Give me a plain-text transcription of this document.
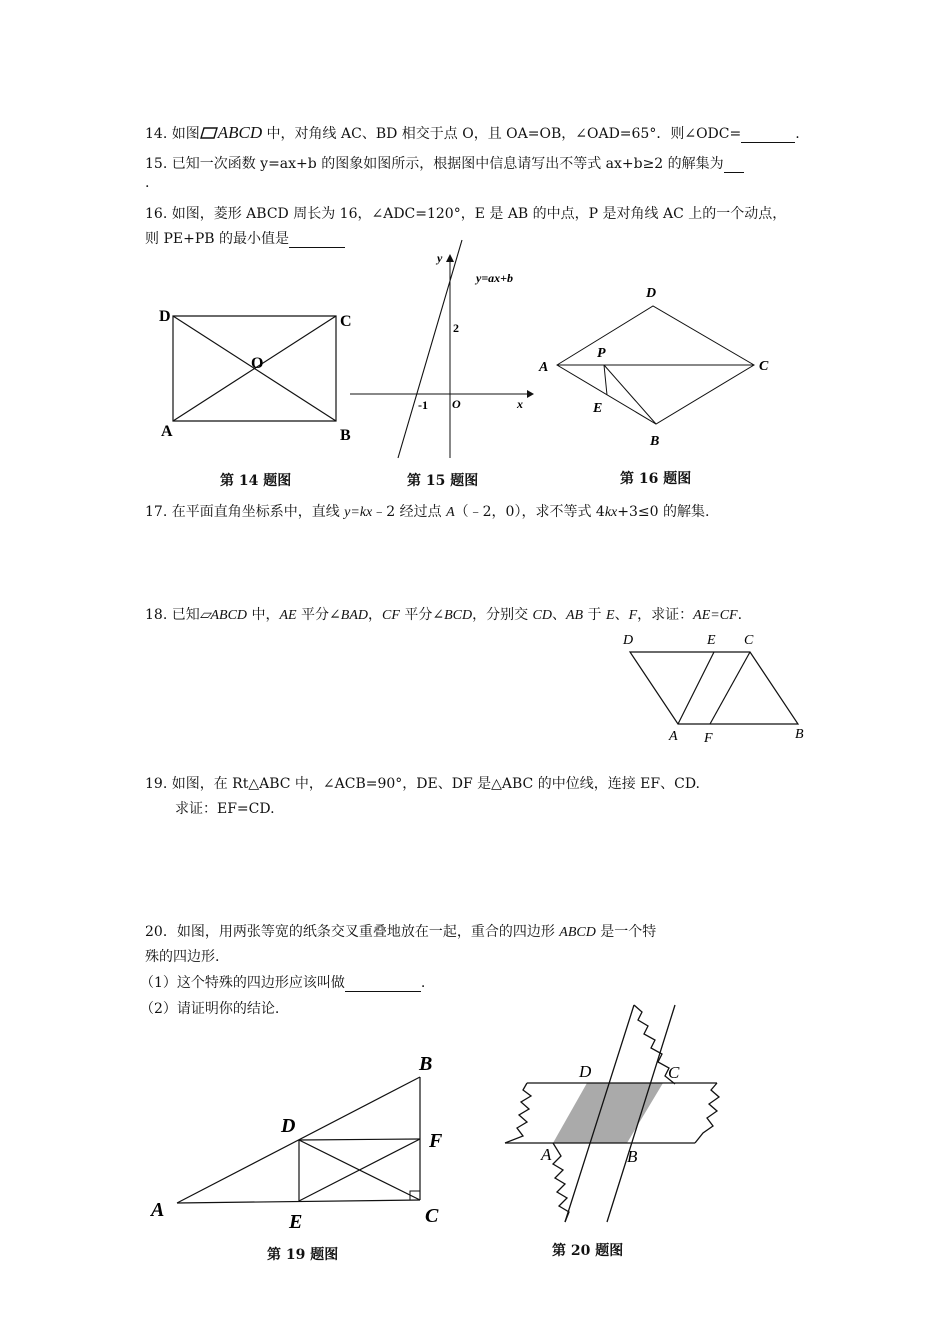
14. 如图 ABCD 中，对角线 AC、BD 相交于点 O，且 OA=OB，∠OAD=65°．则∠ODC=	.
15. 已知一次函数 y=ax+b 的图象如图所示，根据图中信息请写出不等式 ax+b≥2 的解集为
.
16. 如图，菱形 ABCD 周长为 16，∠ADC=120°，E 是 AB 的中点，P 是对角线 AC 上的一个动点，
则 PE+PB 的最小值是
D	C
O
A	B
第 14 题图
y
x
y=ax+b
2
-1 O
第 15 题图
D
A
P
C
E
B
第 16 题图
17. 在平面直角坐标系中，直线 y=kx﹣2 经过点 A（﹣2，0），求不等式 4kx+3≤0 的解集.
18. 已知▱ABCD 中，AE 平分∠BAD，CF 平分∠BCD，分别交 CD、AB 于 E、F，求证：AE=CF.
D	E C
A F	B
19. 如图，在 Rt△ABC 中，∠ACB=90°，DE、DF 是△ABC 的中位线，连接 EF、CD.
求证：EF=CD.
20．如图，用两张等宽的纸条交叉重叠地放在一起，重合的四边形 ABCD 是一个特
殊的四边形.
（1）这个特殊的四边形应该叫做	.
（2）请证明你的结论.
B
D
F
A
E	C
第 19 题图
D	C
A	B
第 20 题图
